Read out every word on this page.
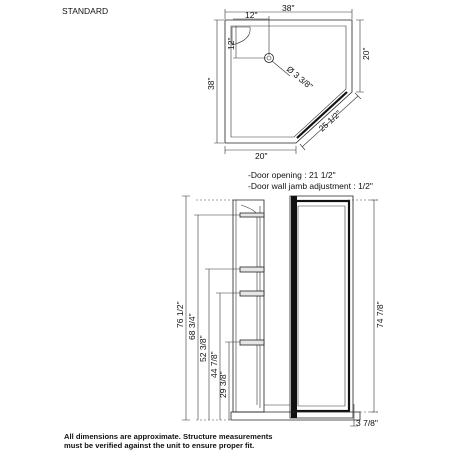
STANDARD
Ø 3 3/8"
38"
12"
38"
12"
20"
20"
25 1/2"
-Door opening : 21 1/2"
-Door wall jamb adjustment : 1/2"
76 1/2" 68 3/4"
52 3/8"
44 7/8"
29 3/8"
74 7/8"
3 7/8"
All dimensions are approximate. Structure measurements
must be verified against the unit to ensure proper fit.
